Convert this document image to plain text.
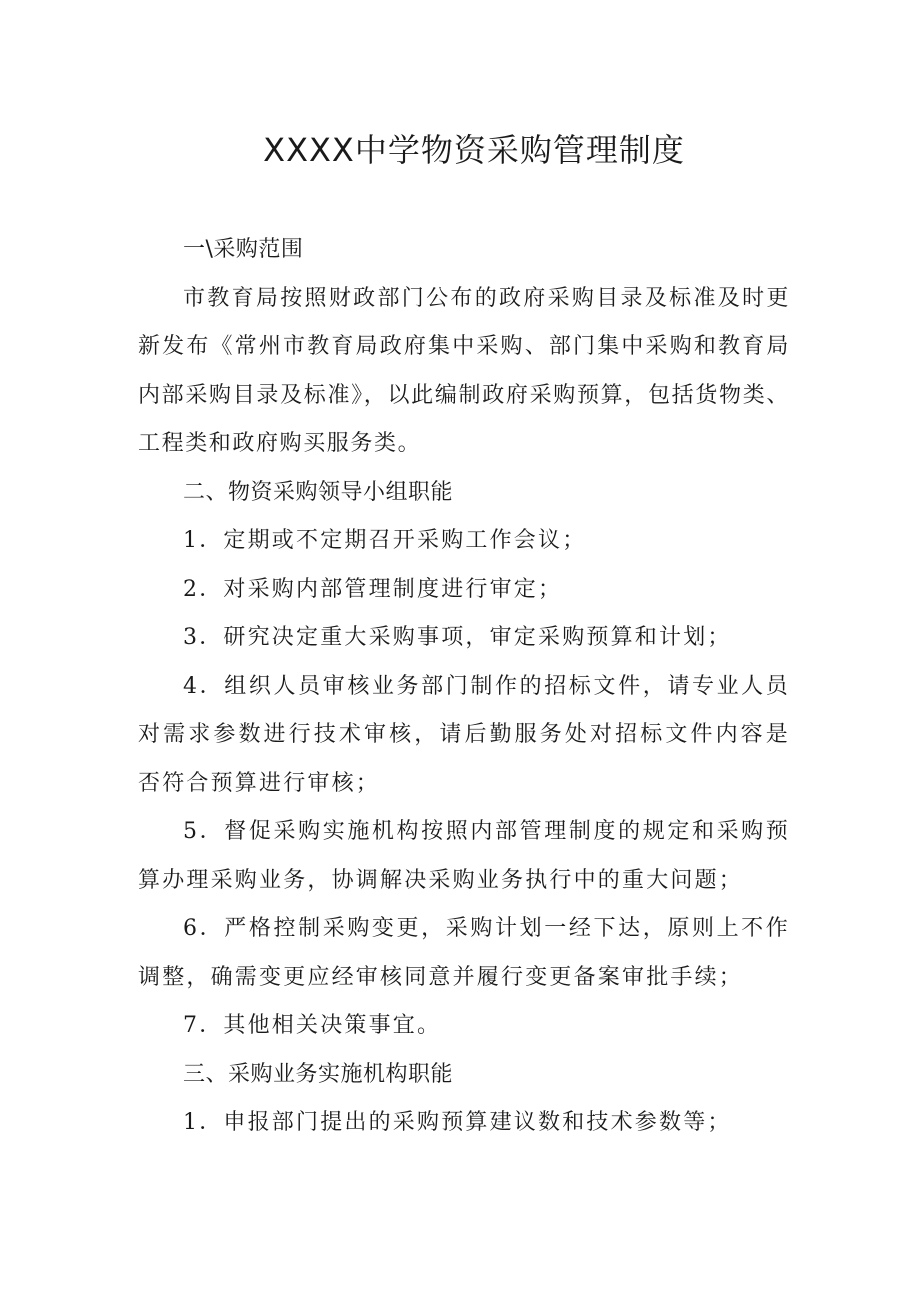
XXXX中学物资采购管理制度

一\采购范围

市教育局按照财政部门公布的政府采购目录及标准及时更新发布《常州市教育局政府集中采购、部门集中采购和教育局内部采购目录及标准》，以此编制政府采购预算，包括货物类、工程类和政府购买服务类。

二、物资采购领导小组职能

1．定期或不定期召开采购工作会议；

2．对采购内部管理制度进行审定；

3．研究决定重大采购事项，审定采购预算和计划；

4．组织人员审核业务部门制作的招标文件，请专业人员对需求参数进行技术审核，请后勤服务处对招标文件内容是否符合预算进行审核；

5．督促采购实施机构按照内部管理制度的规定和采购预算办理采购业务，协调解决采购业务执行中的重大问题；

6．严格控制采购变更，采购计划一经下达，原则上不作调整，确需变更应经审核同意并履行变更备案审批手续；

7．其他相关决策事宜。

三、采购业务实施机构职能

1．申报部门提出的采购预算建议数和技术参数等；
